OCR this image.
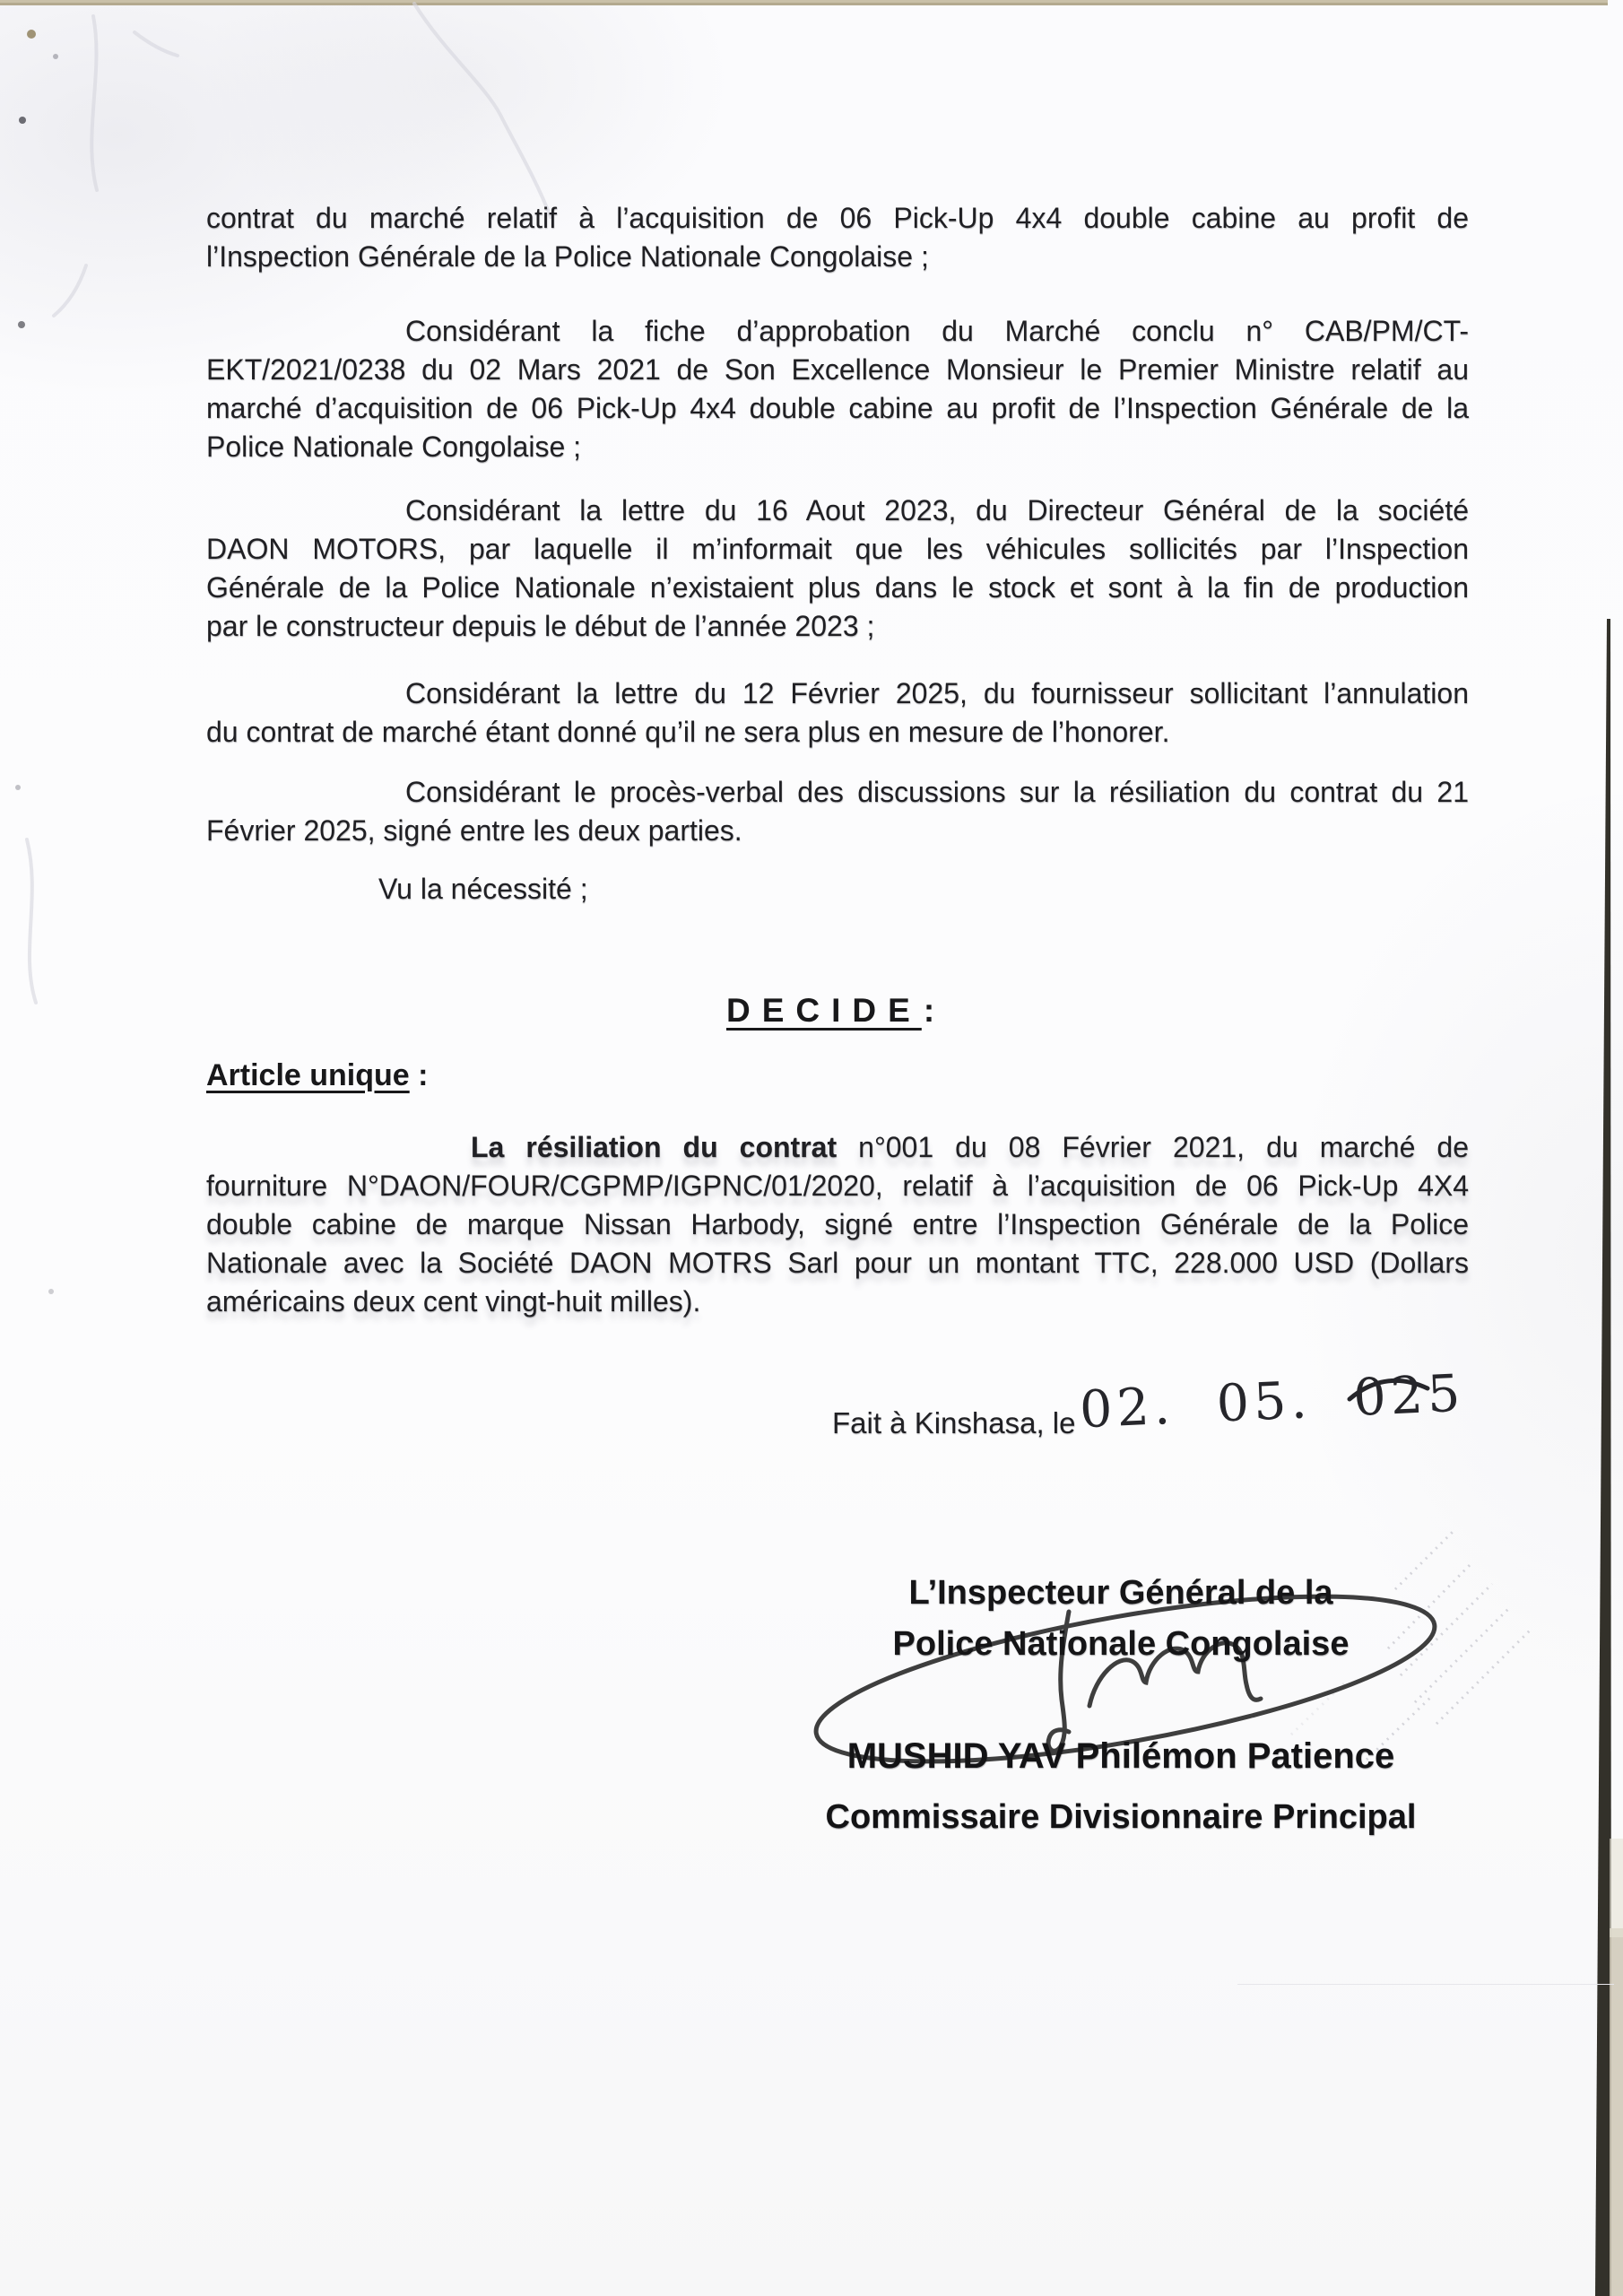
contrat du marché relatif à l’acquisition de 06 Pick-Up 4x4 double cabine au profit de
l’Inspection Générale de la Police Nationale Congolaise ;
Considérant la fiche d’approbation du Marché conclu n° CAB/PM/CT-
EKT/2021/0238 du 02 Mars 2021 de Son Excellence Monsieur le Premier Ministre relatif au
marché d’acquisition de 06 Pick-Up 4x4 double cabine au profit de l’Inspection Générale de la
Police Nationale Congolaise ;
Considérant la lettre du 16 Aout 2023, du Directeur Général de la société
DAON MOTORS, par laquelle il m’informait que les véhicules sollicités par l’Inspection
Générale de la Police Nationale n’existaient plus dans le stock et sont à la fin de production
par le constructeur depuis le début de l’année 2023 ;
Considérant la lettre du 12 Février 2025, du fournisseur sollicitant l’annulation
du contrat de marché étant donné qu’il ne sera plus en mesure de l’honorer.
Considérant le procès-verbal des discussions sur la résiliation du contrat du 21
Février 2025, signé entre les deux parties.
Vu la nécessité ;
DECIDE:
Article unique :
La résiliation du contrat n°001 du 08 Février 2021, du marché de
fourniture N°DAON/FOUR/CGPMP/IGPNC/01/2020, relatif à l’acquisition de 06 Pick-Up 4X4
double cabine de marque Nissan Harbody, signé entre l’Inspection Générale de la Police
Nationale avec la Société DAON MOTRS Sarl pour un montant TTC, 228.000 USD (Dollars
américains deux cent vingt-huit milles).
Fait à Kinshasa, le 02. 05. 025
L’Inspecteur Général de la
Police Nationale Congolaise
MUSHID YAV Philémon Patience
Commissaire Divisionnaire Principal
